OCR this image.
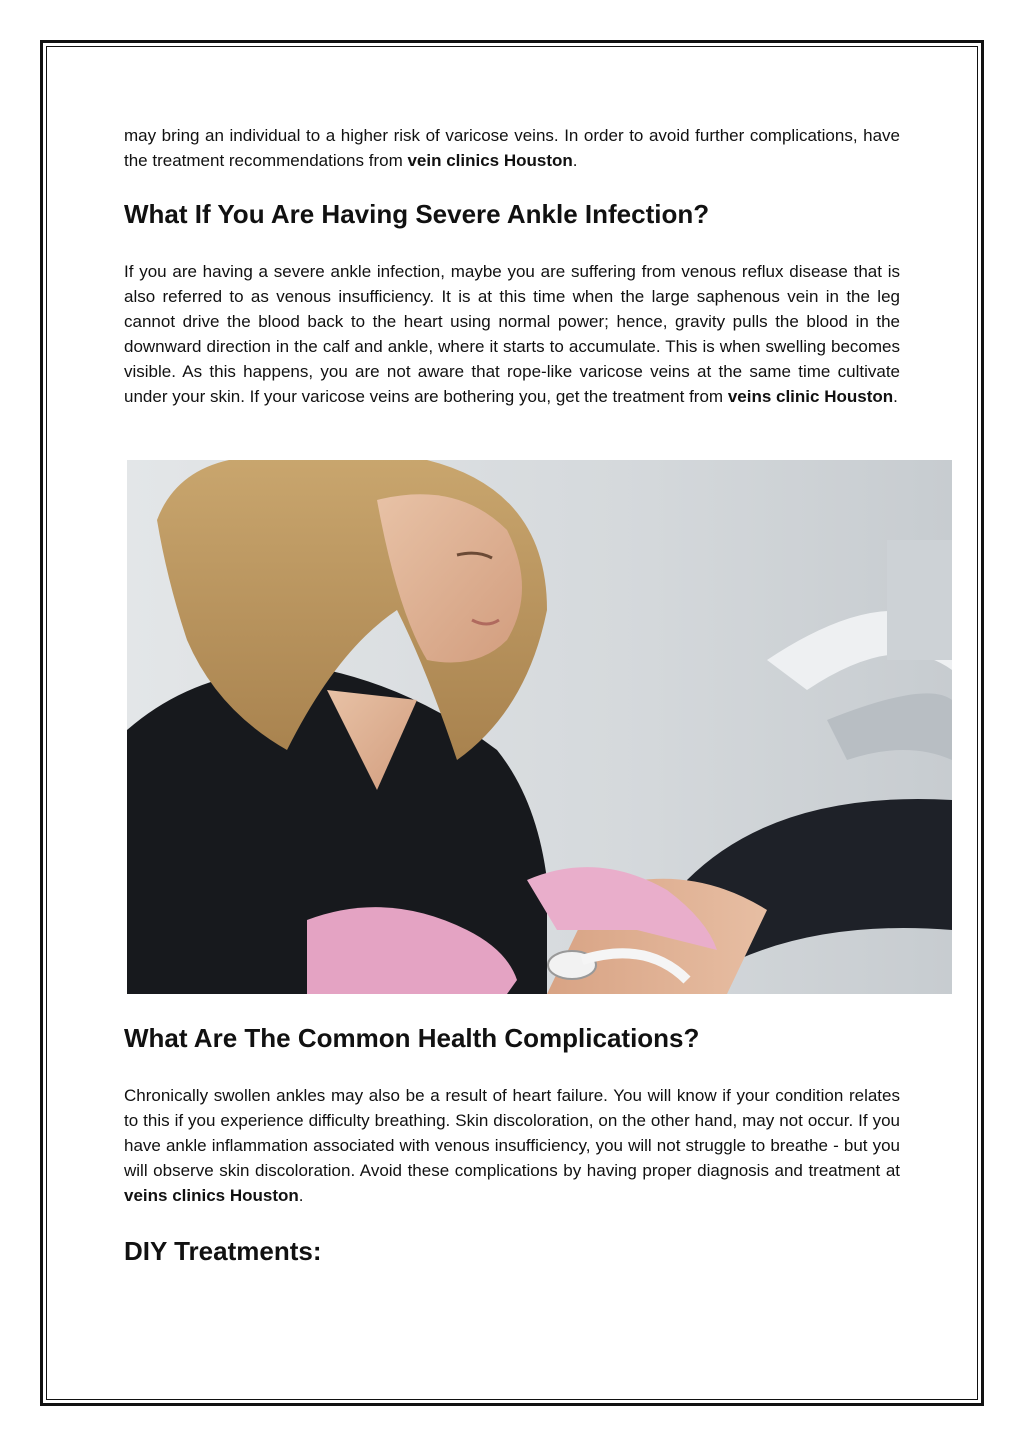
may bring an individual to a higher risk of varicose veins. In order to avoid further complications, have the treatment recommendations from vein clinics Houston.

What If You Are Having Severe Ankle Infection?

If you are having a severe ankle infection, maybe you are suffering from venous reflux disease that is also referred to as venous insufficiency. It is at this time when the large saphenous vein in the leg cannot drive the blood back to the heart using normal power; hence, gravity pulls the blood in the downward direction in the calf and ankle, where it starts to accumulate. This is when swelling becomes visible. As this happens, you are not aware that rope-like varicose veins at the same time cultivate under your skin. If your varicose veins are bothering you, get the treatment from veins clinic Houston.

What Are The Common Health Complications?

Chronically swollen ankles may also be a result of heart failure. You will know if your condition relates to this if you experience difficulty breathing. Skin discoloration, on the other hand, may not occur. If you have ankle inflammation associated with venous insufficiency, you will not struggle to breathe - but you will observe skin discoloration. Avoid these complications by having proper diagnosis and treatment at veins clinics Houston.

DIY Treatments:
